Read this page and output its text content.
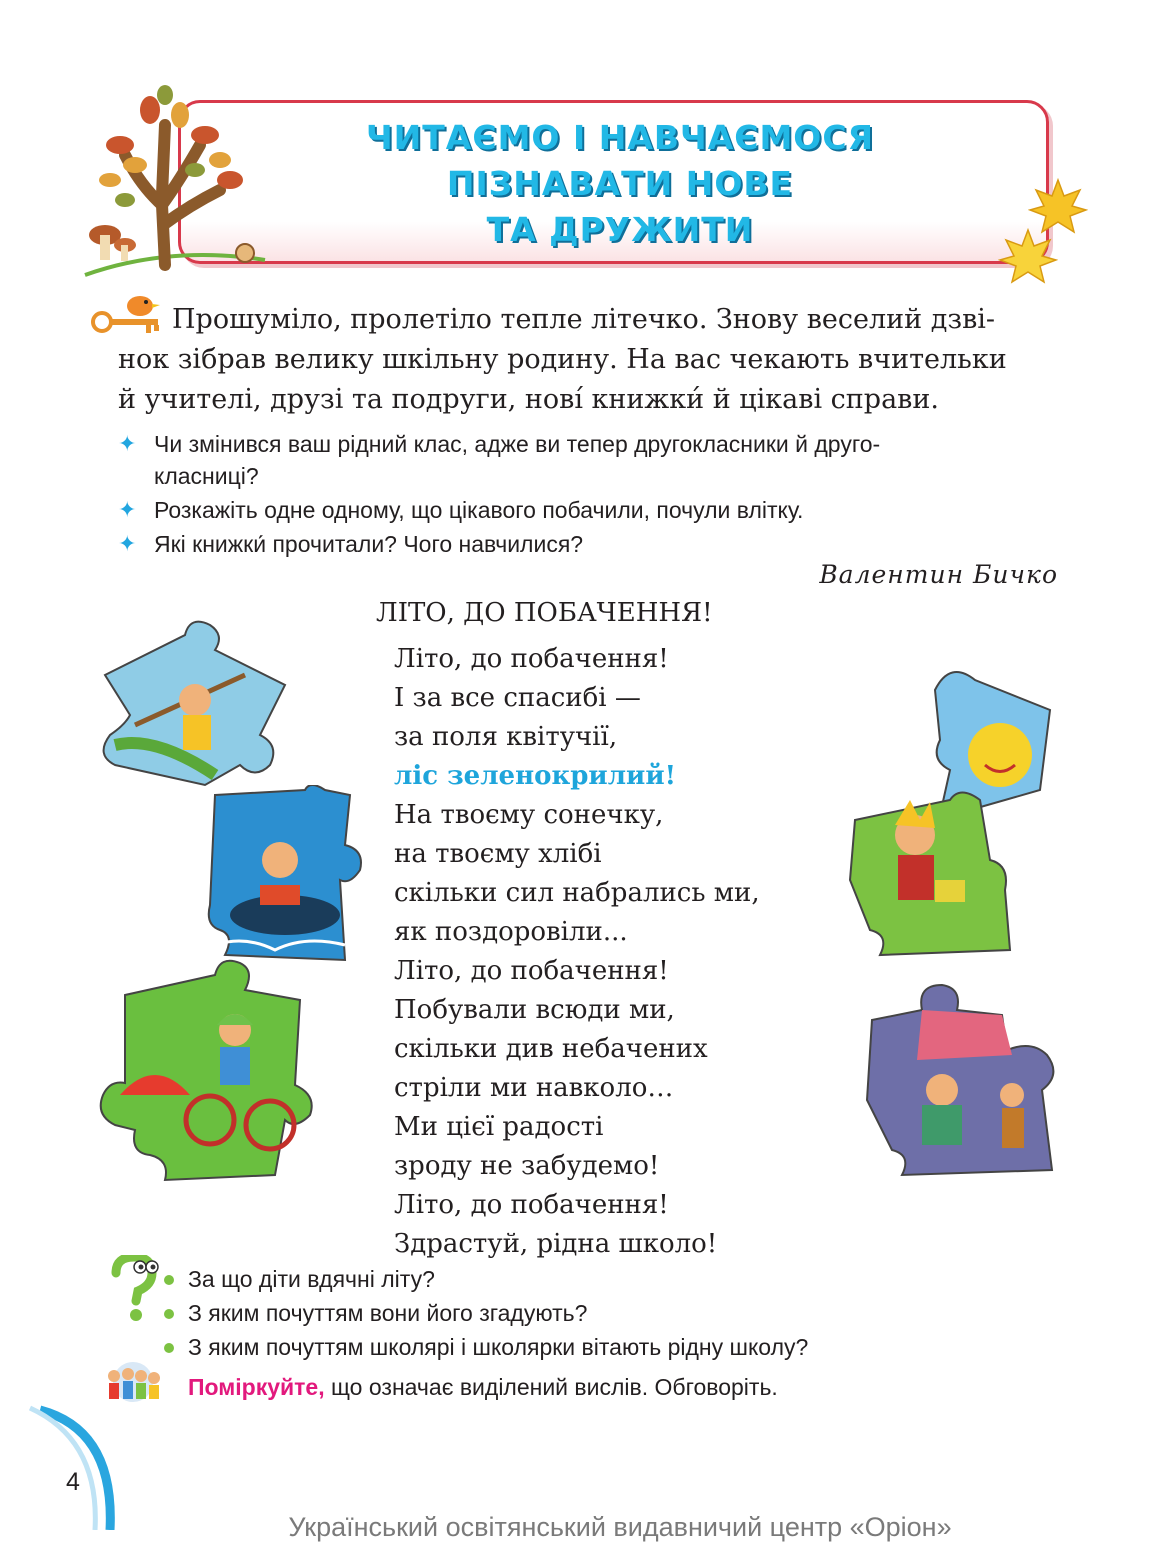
ЧИТАЄМО І НАВЧАЄМОСЯ
ПІЗНАВАТИ НОВЕ
ТА ДРУЖИТИ

Прошуміло, пролетіло тепле літечко. Знову веселий дзві-

нок зібрав велику шкільну родину. На вас чекають вчительки
й учителі, друзі та подруги, нові́ книжки́ й цікаві справи.
✦ Чи змінився ваш рідний клас, адже ви тепер другокласники й друго-
класниці?
✦ Розкажіть одне одному, що цікавого побачили, почули влітку.
✦ Які книжки́ прочитали? Чого навчилися?
Валентин Бичко
ЛІТО, ДО ПОБАЧЕННЯ!
Літо, до побачення!
І за все спасибі —
за поля квітучії,
ліс зеленокрилий!
На твоєму сонечку,
на твоєму хлібі
скільки сил набрались ми,
як поздоровіли...
Літо, до побачення!
Побували всюди ми,
скільки див небачених
стріли ми навколо…
Ми цієї радості
зроду не забудемо!
Літо, до побачення!
Здрастуй, рідна школо!
За що діти вдячні літу?
З яким почуттям вони його згадують?
З яким почуттям школярі і школярки вітають рідну школу?
Поміркуйте, що означає виділений вислів. Обговоріть.
4
Український освітянський видавничий центр «Оріон»
